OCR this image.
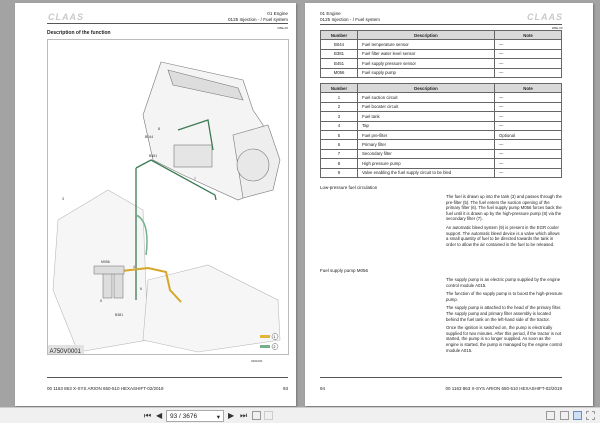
CLAAS	01 Engine
0125 Injection - / Fuel system
DBE-00
Description of the function
B044
B451
8
7
3
M056
4
5
6
B381
1
2
A750V0001
3201001
00 1163 863 X-SYS ARION 650-510 HEXASHIFT-02/2019	93
01 Engine
0125 Injection - / Fuel system	CLAAS
DBE-00
Number	Description	Note
B044	Fuel temperature sensor	—
B381	Fuel filter water level sensor	—
B451	Fuel supply pressure sensor	—
M056	Fuel supply pump	—
Number	Description	Note
1	Fuel suction circuit	—
2	Fuel booster circuit	—
3	Fuel tank	—
4	Tap	—
5	Fuel pre-filter	Optional
6	Primary filter	—
7	Secondary filter	—
8	High pressure pump	—
9	Valve enabling the fuel supply circuit to be bled	—
Low-pressure fuel circulation

The fuel is drawn up into the tank (3) and passes through the pre-filter (5). The fuel enters the suction opening of the primary filter (6). The fuel supply pump M056 forces back the fuel until it is drawn up by the high-pressure pump (8) via the secondary filter (7).

An automatic bleed system (9) is present in the EGR cooler support. The automatic bleed device is a valve which allows a small quantity of fuel to be directed towards the tank in order to allow the air contained in the fuel to be released.

Fuel supply pump M056

The supply pump is an electric pump supplied by the engine control module A015.

The function of the supply pump is to boost the high-pressure pump.

The supply pump is attached to the head of the primary filter. The supply pump and primary filter assembly is located behind the fuel tank on the left-hand side of the tractor.

Once the ignition is switched on, the pump is electrically supplied for two minutes. After this period, if the tractor is not started, the pump is no longer supplied. As soon as the engine is started, the pump is managed by the engine control module A015.

94	00 1163 863 X-SYS ARION 650-510 HEXASHIFT-02/2019
⏮ ◀ 93 / 3676	▾ ▶ ⏭
